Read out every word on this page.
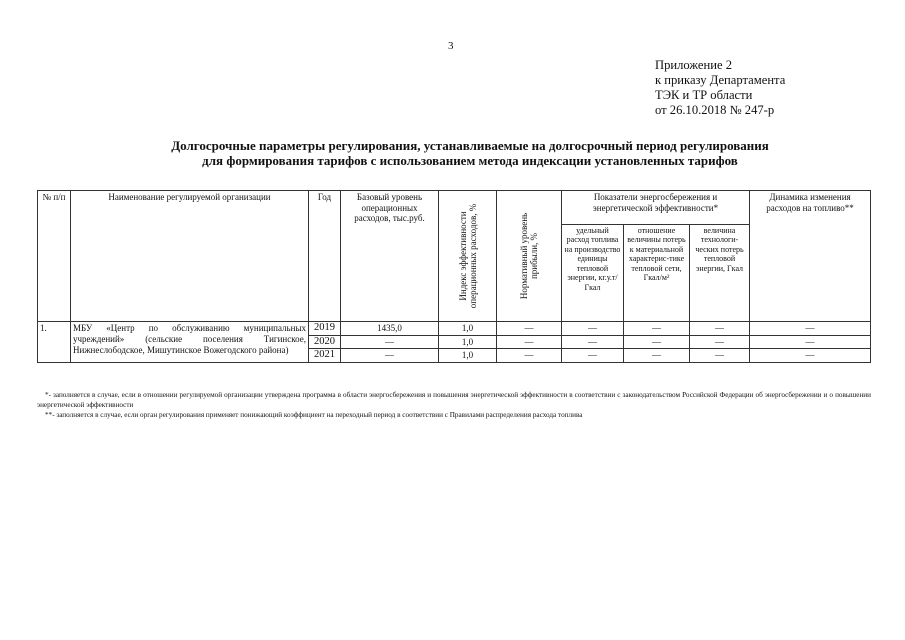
3
Приложение 2
к приказу Департамента
ТЭК и ТР области
от 26.10.2018 № 247-р
Долгосрочные параметры регулирования, устанавливаемые на долгосрочный период регулирования
для формирования тарифов с использованием метода индексации установленных тарифов
№ п/п	Наименование регулируемой организации	Год	Базовый уровень операционных расходов, тыс.руб.	Индекс эффективности операционных расходов, %	Нормативный уровень прибыли, %	Показатели энергосбережения и энергетической эффективности*			Динамика изменения расходов на топливо**
						удельный расход топлива на производство единицы тепловой энергии, кг.у.т/Гкал	отношение величины потерь к материальной характерис-тике тепловой сети, Гкал/м²	величина технологи-ческих потерь тепловой энергии, Гкал	
1.	МБУ «Центр по обслуживанию муниципальных учреждений» (сельские поселения Тигинское, Нижнеслободское, Мишутинское Вожегодского района)	2019	1435,0	1,0	—	—	—	—	—
		2020	—	1,0	—	—	—	—	—
		2021	—	1,0	—	—	—	—	—

*- заполняется в случае, если в отношении регулируемой организации утверждена программа в области энергосбережения и повышения энергетической эффективности в соответствии с законодательством Российской Федерации об энергосбережении и о повышении энергетической эффективности

**- заполняется в случае, если орган регулирования применяет понижающий коэффициент на переходный период в соответствии с Правилами распределения расхода топлива
